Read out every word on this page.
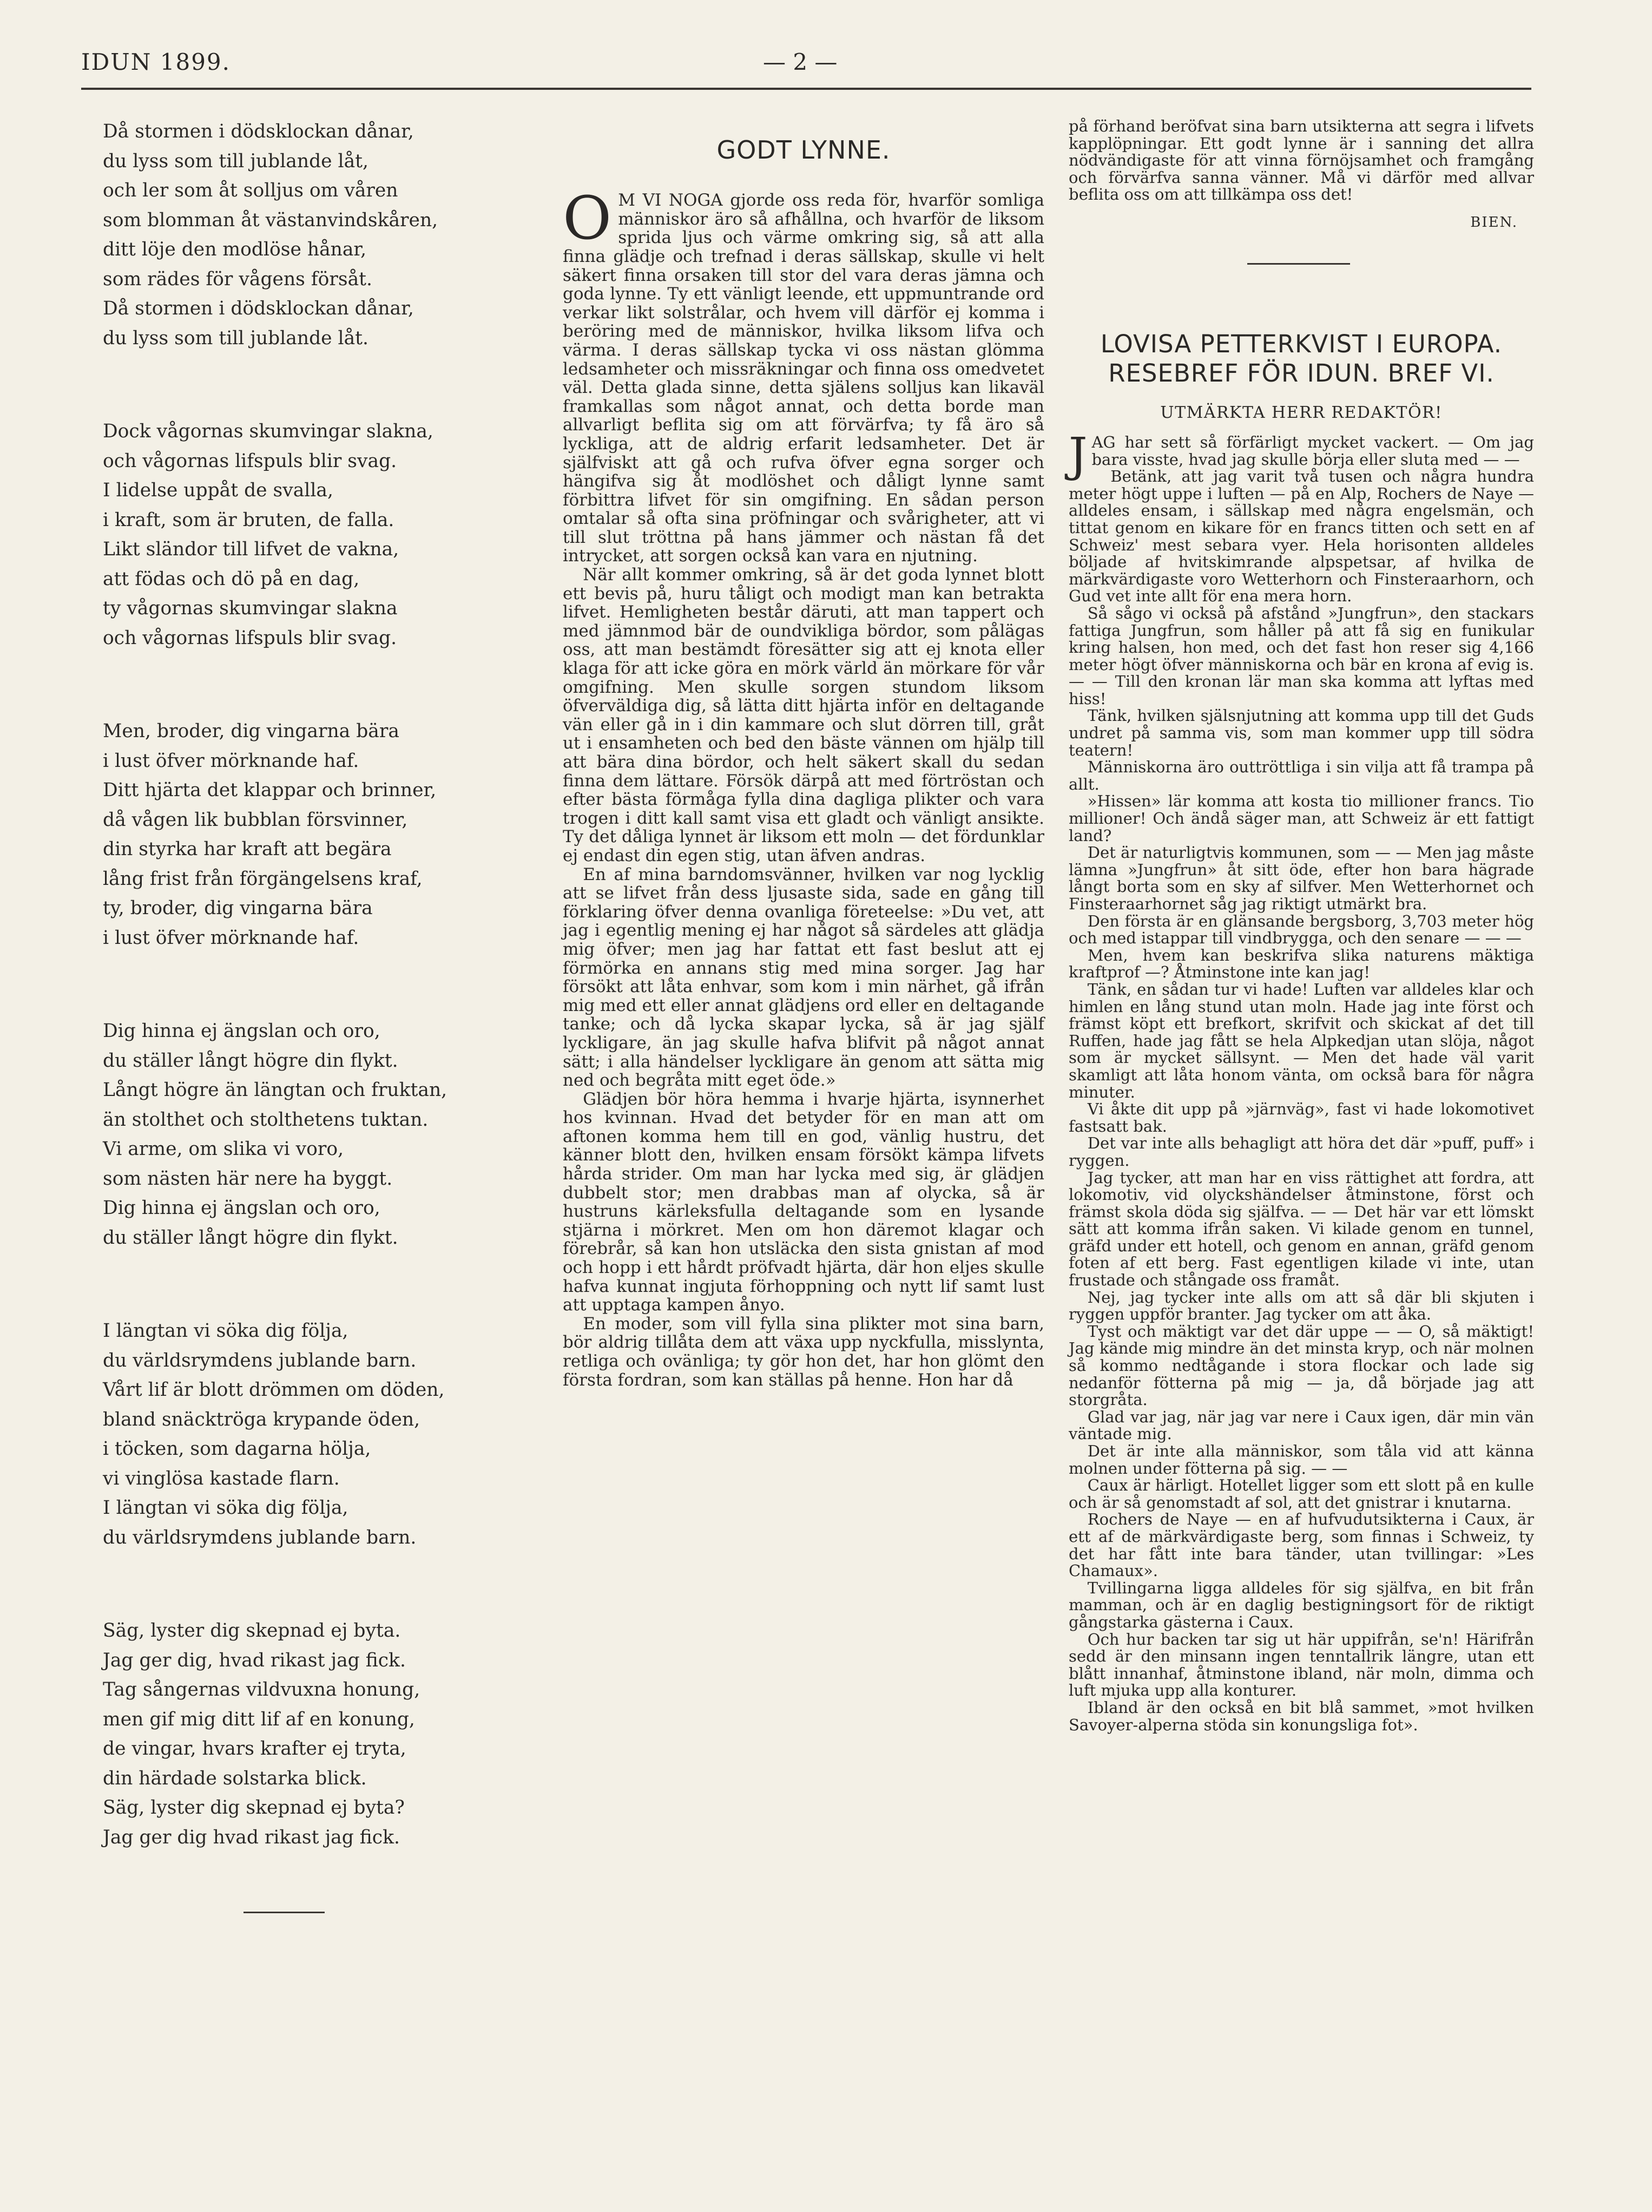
IDUN 1899.	— 2 —
Då stormen i dödsklockan dånar,
du lyss som till jublande låt,
och ler som åt solljus om våren
som blomman åt västanvindskåren,
ditt löje den modlöse hånar,
som rädes för vågens försåt.
Då stormen i dödsklockan dånar,
du lyss som till jublande låt.
Dock vågornas skumvingar slakna,
och vågornas lifspuls blir svag.
I lidelse uppåt de svalla,
i kraft, som är bruten, de falla.
Likt sländor till lifvet de vakna,
att födas och dö på en dag,
ty vågornas skumvingar slakna
och vågornas lifspuls blir svag.
Men, broder, dig vingarna bära
i lust öfver mörknande haf.
Ditt hjärta det klappar och brinner,
då vågen lik bubblan försvinner,
din styrka har kraft att begära
lång frist från förgängelsens kraf,
ty, broder, dig vingarna bära
i lust öfver mörknande haf.
Dig hinna ej ängslan och oro,
du ställer långt högre din flykt.
Långt högre än längtan och fruktan,
än stolthet och stolthetens tuktan.
Vi arme, om slika vi voro,
som nästen här nere ha byggt.
Dig hinna ej ängslan och oro,
du ställer långt högre din flykt.
I längtan vi söka dig följa,
du världsrymdens jublande barn.
Vårt lif är blott drömmen om döden,
bland snäcktröga krypande öden,
i töcken, som dagarna hölja,
vi vinglösa kastade flarn.
I längtan vi söka dig följa,
du världsrymdens jublande barn.
Säg, lyster dig skepnad ej byta.
Jag ger dig, hvad rikast jag fick.
Tag sångernas vildvuxna honung,
men gif mig ditt lif af en konung,
de vingar, hvars krafter ej tryta,
din härdade solstarka blick.
Säg, lyster dig skepnad ej byta?
Jag ger dig hvad rikast jag fick.
GODT LYNNE.

O M VI NOGA gjorde oss reda för, hvarför somliga människor äro så afhållna, och hvarför de liksom sprida ljus och värme omkring sig, så att alla finna glädje och trefnad i deras sällskap, skulle vi helt säkert finna orsaken till stor del vara deras jämna och goda lynne. Ty ett vänligt leende, ett uppmuntrande ord verkar likt solstrålar, och hvem vill därför ej komma i beröring med de människor, hvilka liksom lifva och värma. I deras sällskap tycka vi oss nästan glömma ledsamheter och missräkningar och finna oss omedvetet väl. Detta glada sinne, detta själens solljus kan likaväl framkallas som något annat, och detta borde man allvarligt beflita sig om att förvärfva; ty få äro så lyckliga, att de aldrig erfarit ledsamheter. Det är själfviskt att gå och rufva öfver egna sorger och hängifva sig åt modlöshet och dåligt lynne samt förbittra lifvet för sin omgifning. En sådan person omtalar så ofta sina pröfningar och svårigheter, att vi till slut tröttna på hans jämmer och nästan få det intrycket, att sorgen också kan vara en njutning.

När allt kommer omkring, så är det goda lynnet blott ett bevis på, huru tåligt och modigt man kan betrakta lifvet. Hemligheten består däruti, att man tappert och med jämnmod bär de oundvikliga bördor, som pålägas oss, att man bestämdt föresätter sig att ej knota eller klaga för att icke göra en mörk värld än mörkare för vår omgifning. Men skulle sorgen stundom liksom öfverväldiga dig, så lätta ditt hjärta inför en deltagande vän eller gå in i din kammare och slut dörren till, gråt ut i ensamheten och bed den bäste vännen om hjälp till att bära dina bördor, och helt säkert skall du sedan finna dem lättare. Försök därpå att med förtröstan och efter bästa förmåga fylla dina dagliga plikter och vara trogen i ditt kall samt visa ett gladt och vänligt ansikte. Ty det dåliga lynnet är liksom ett moln — det fördunklar ej endast din egen stig, utan äfven andras.

En af mina barndomsvänner, hvilken var nog lycklig att se lifvet från dess ljusaste sida, sade en gång till förklaring öfver denna ovanliga företeelse: »Du vet, att jag i egentlig mening ej har något så särdeles att glädja mig öfver; men jag har fattat ett fast beslut att ej förmörka en annans stig med mina sorger. Jag har försökt att låta enhvar, som kom i min närhet, gå ifrån mig med ett eller annat glädjens ord eller en deltagande tanke; och då lycka skapar lycka, så är jag själf lyckligare, än jag skulle hafva blifvit på något annat sätt; i alla händelser lyckligare än genom att sätta mig ned och begråta mitt eget öde.»

Glädjen bör höra hemma i hvarje hjärta, isynnerhet hos kvinnan. Hvad det betyder för en man att om aftonen komma hem till en god, vänlig hustru, det känner blott den, hvilken ensam försökt kämpa lifvets hårda strider. Om man har lycka med sig, är glädjen dubbelt stor; men drabbas man af olycka, så är hustruns kärleksfulla deltagande som en lysande stjärna i mörkret. Men om hon däremot klagar och förebrår, så kan hon utsläcka den sista gnistan af mod och hopp i ett hårdt pröfvadt hjärta, där hon eljes skulle hafva kunnat ingjuta förhoppning och nytt lif samt lust att upptaga kampen ånyo.

En moder, som vill fylla sina plikter mot sina barn, bör aldrig tillåta dem att växa upp nyckfulla, misslynta, retliga och ovänliga; ty gör hon det, har hon glömt den första fordran, som kan ställas på henne. Hon har då

på förhand beröfvat sina barn utsikterna att segra i lifvets kapplöpningar. Ett godt lynne är i sanning det allra nödvändigaste för att vinna förnöjsamhet och framgång och förvärfva sanna vänner. Må vi därför med allvar beflita oss om att tillkämpa oss det!

BIEN.
LOVISA PETTERKVIST I EUROPA.
RESEBREF FÖR IDUN. BREF VI.
UTMÄRKTA HERR REDAKTÖR!

JAG har sett så förfärligt mycket vackert. — Om jag bara visste, hvad jag skulle börja eller sluta med — —

Betänk, att jag varit två tusen och några hundra meter högt uppe i luften — på en Alp, Rochers de Naye — alldeles ensam, i sällskap med några engelsmän, och tittat genom en kikare för en francs titten och sett en af Schweiz' mest sebara vyer. Hela horisonten alldeles böljade af hvitskimrande alpspetsar, af hvilka de märkvärdigaste voro Wetterhorn och Finsteraarhorn, och Gud vet inte allt för ena mera horn.

Så sågo vi också på afstånd »Jungfrun», den stackars fattiga Jungfrun, som håller på att få sig en funikular kring halsen, hon med, och det fast hon reser sig 4,166 meter högt öfver människorna och bär en krona af evig is. — — Till den kronan lär man ska komma att lyftas med hiss!

Tänk, hvilken själsnjutning att komma upp till det Guds undret på samma vis, som man kommer upp till södra teatern!

Människorna äro outtröttliga i sin vilja att få trampa på allt.

»Hissen» lär komma att kosta tio millioner francs. Tio millioner! Och ändå säger man, att Schweiz är ett fattigt land?

Det är naturligtvis kommunen, som — — Men jag måste lämna »Jungfrun» åt sitt öde, efter hon bara hägrade långt borta som en sky af silfver. Men Wetterhornet och Finsteraarhornet såg jag riktigt utmärkt bra.

Den första är en glänsande bergsborg, 3,703 meter hög och med istappar till vindbrygga, och den senare — — —

Men, hvem kan beskrifva slika naturens mäktiga kraftprof —? Åtminstone inte kan jag!

Tänk, en sådan tur vi hade! Luften var alldeles klar och himlen en lång stund utan moln. Hade jag inte först och främst köpt ett brefkort, skrifvit och skickat af det till Ruffen, hade jag fått se hela Alpkedjan utan slöja, något som är mycket sällsynt. — Men det hade väl varit skamligt att låta honom vänta, om också bara för några minuter.

Vi åkte dit upp på »järnväg», fast vi hade lokomotivet fastsatt bak.

Det var inte alls behagligt att höra det där »puff, puff» i ryggen.

Jag tycker, att man har en viss rättighet att fordra, att lokomotiv, vid olyckshändelser åtminstone, först och främst skola döda sig själfva. — — Det här var ett lömskt sätt att komma ifrån saken. Vi kilade genom en tunnel, gräfd under ett hotell, och genom en annan, gräfd genom foten af ett berg. Fast egentligen kilade vi inte, utan frustade och stångade oss framåt.

Nej, jag tycker inte alls om att så där bli skjuten i ryggen uppför branter. Jag tycker om att åka.

Tyst och mäktigt var det där uppe — — O, så mäktigt! Jag kände mig mindre än det minsta kryp, och när molnen så kommo nedtågande i stora flockar och lade sig nedanför fötterna på mig — ja, då började jag att storgråta.

Glad var jag, när jag var nere i Caux igen, där min vän väntade mig.

Det är inte alla människor, som tåla vid att känna molnen under fötterna på sig. — —

Caux är härligt. Hotellet ligger som ett slott på en kulle och är så genomstadt af sol, att det gnistrar i knutarna.

Rochers de Naye — en af hufvudutsikterna i Caux, är ett af de märkvärdigaste berg, som finnas i Schweiz, ty det har fått inte bara tänder, utan tvillingar: »Les Chamaux».

Tvillingarna ligga alldeles för sig själfva, en bit från mamman, och är en daglig bestigningsort för de riktigt gångstarka gästerna i Caux.

Och hur backen tar sig ut här uppifrån, se'n! Härifrån sedd är den minsann ingen tenntallrik längre, utan ett blått innanhaf, åtminstone ibland, när moln, dimma och luft mjuka upp alla konturer.

Ibland är den också en bit blå sammet, »mot hvilken Savoyer-alperna stöda sin konungsliga fot».
